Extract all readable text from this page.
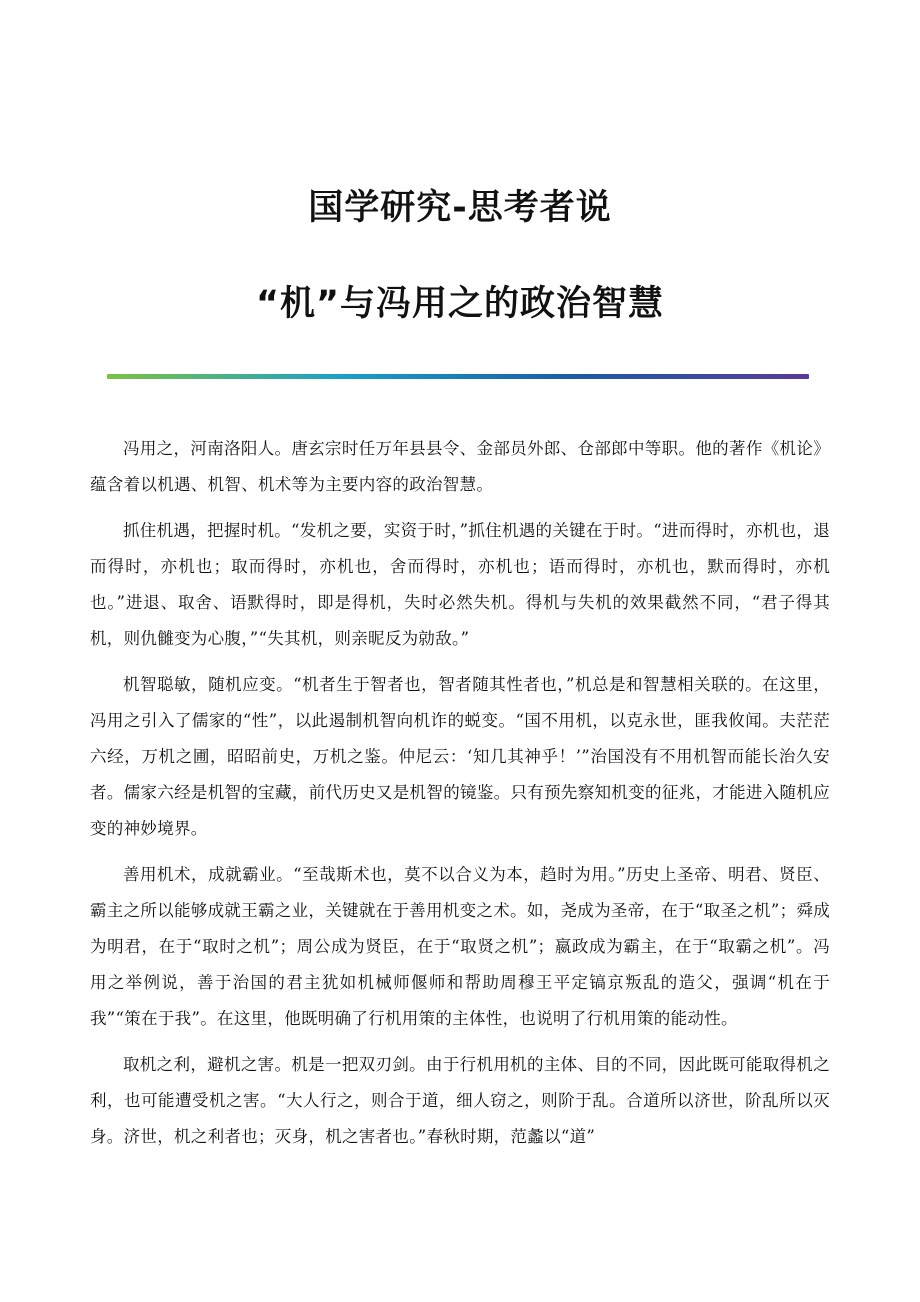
国学研究-思考者说
“机”与冯用之的政治智慧

冯用之，河南洛阳人。唐玄宗时任万年县县令、金部员外郎、仓部郎中等职。他的著作《机论》蕴含着以机遇、机智、机术等为主要内容的政治智慧。

抓住机遇，把握时机。“发机之要，实资于时，”抓住机遇的关键在于时。“进而得时，亦机也，退而得时，亦机也；取而得时，亦机也，舍而得时，亦机也；语而得时，亦机也，默而得时，亦机也。”进退、取舍、语默得时，即是得机，失时必然失机。得机与失机的效果截然不同，“君子得其机，则仇雠变为心腹，”“失其机，则亲昵反为勍敌。”

机智聪敏，随机应变。“机者生于智者也，智者随其性者也，”机总是和智慧相关联的。在这里，冯用之引入了儒家的“性”，以此遏制机智向机诈的蜕变。“国不用机，以克永世，匪我攸闻。夫茫茫六经，万机之圃，昭昭前史，万机之鉴。仲尼云：‘知几其神乎！’”治国没有不用机智而能长治久安者。儒家六经是机智的宝藏，前代历史又是机智的镜鉴。只有预先察知机变的征兆，才能进入随机应变的神妙境界。

善用机术，成就霸业。“至哉斯术也，莫不以合义为本，趋时为用。”历史上圣帝、明君、贤臣、霸主之所以能够成就王霸之业，关键就在于善用机变之术。如，尧成为圣帝，在于“取圣之机”；舜成为明君，在于“取时之机”；周公成为贤臣，在于“取贤之机”；嬴政成为霸主，在于“取霸之机”。冯用之举例说，善于治国的君主犹如机械师偃师和帮助周穆王平定镐京叛乱的造父，强调“机在于我”“策在于我”。在这里，他既明确了行机用策的主体性，也说明了行机用策的能动性。

取机之利，避机之害。机是一把双刃剑。由于行机用机的主体、目的不同，因此既可能取得机之利，也可能遭受机之害。“大人行之，则合于道，细人窃之，则阶于乱。合道所以济世，阶乱所以灭身。济世，机之利者也；灭身，机之害者也。”春秋时期，范蠡以“道”
